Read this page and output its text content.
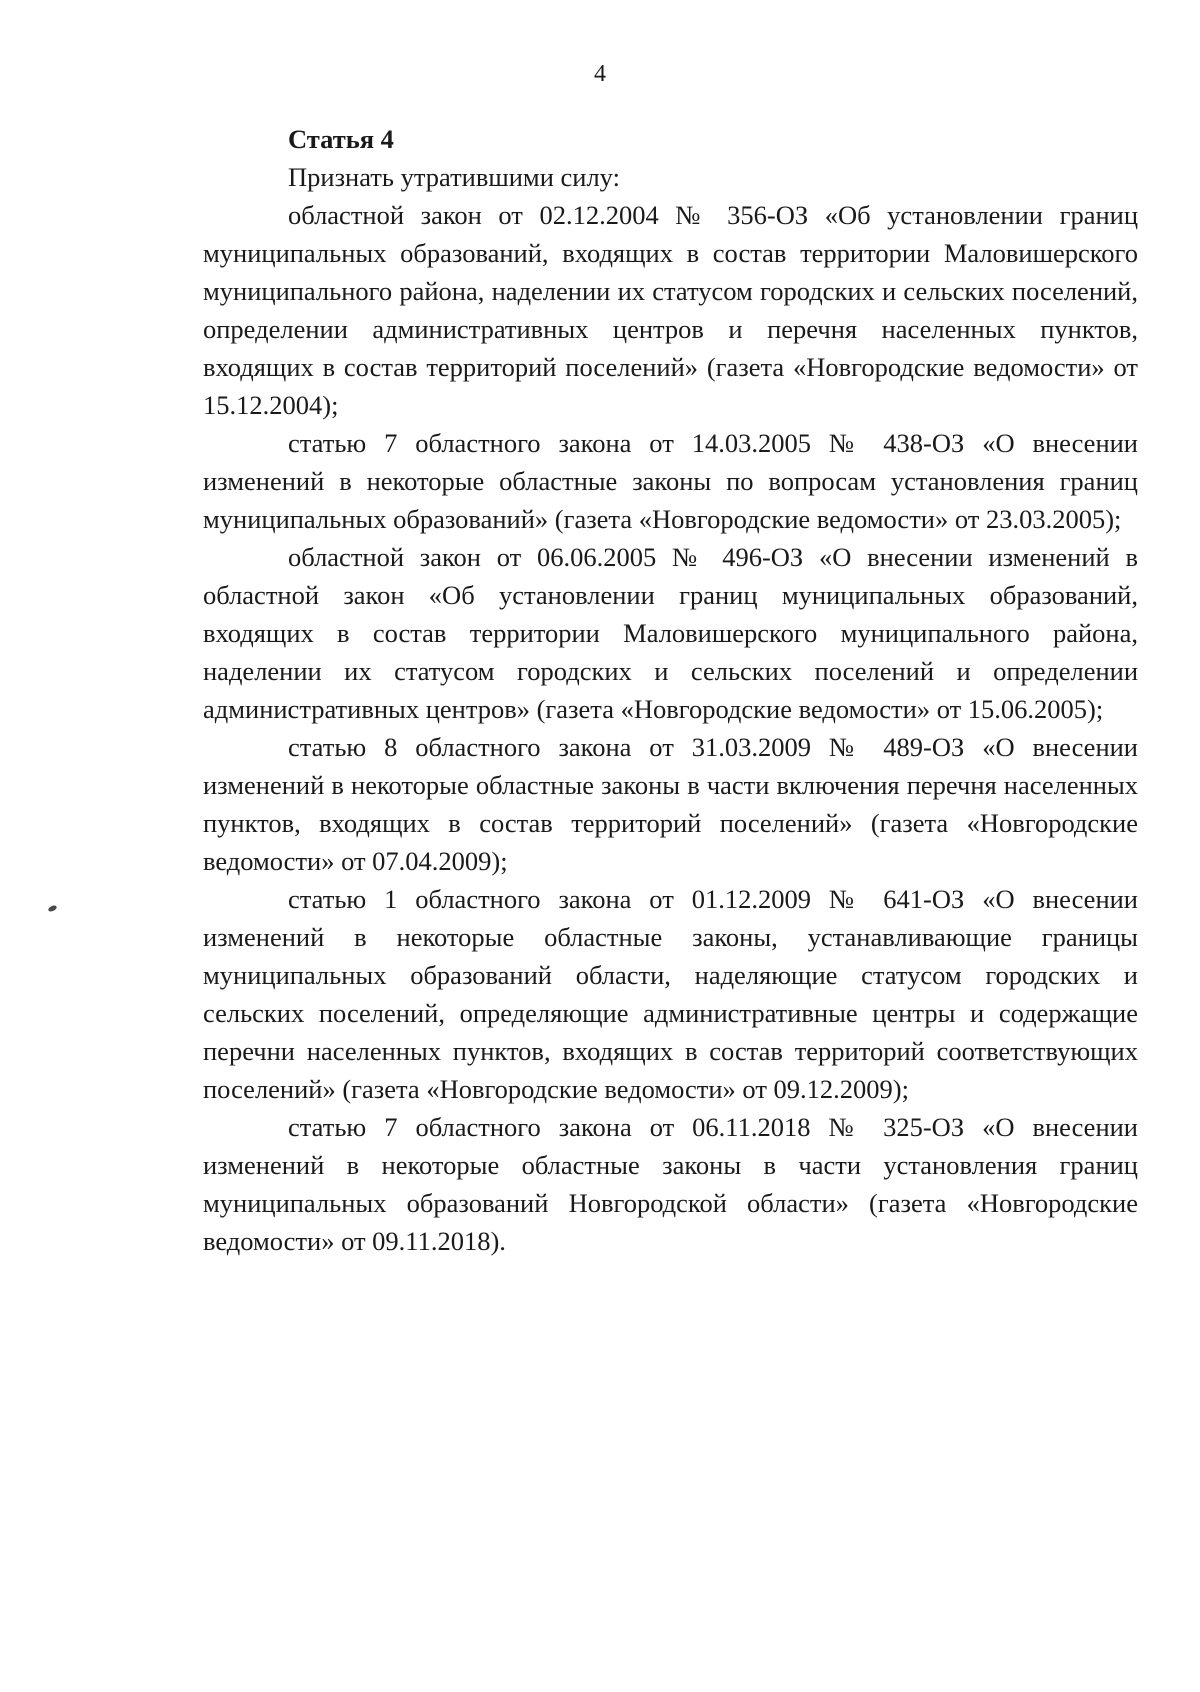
4

Статья 4

Признать утратившими силу:

областной закон от 02.12.2004 № 356-ОЗ «Об установлении границ муниципальных образований, входящих в состав территории Маловишерского муниципального района, наделении их статусом городских и сельских поселений, определении административных центров и перечня населенных пунктов, входящих в состав территорий поселений» (газета «Новгородские ведомости» от 15.12.2004);

статью 7 областного закона от 14.03.2005 № 438-ОЗ «О внесении изменений в некоторые областные законы по вопросам установления границ муниципальных образований» (газета «Новгородские ведомости» от 23.03.2005);

областной закон от 06.06.2005 № 496-ОЗ «О внесении изменений в областной закон «Об установлении границ муниципальных образований, входящих в состав территории Маловишерского муниципального района, наделении их статусом городских и сельских поселений и определении административных центров» (газета «Новгородские ведомости» от 15.06.2005);

статью 8 областного закона от 31.03.2009 № 489-ОЗ «О внесении изменений в некоторые областные законы в части включения перечня населенных пунктов, входящих в состав территорий поселений» (газета «Новгородские ведомости» от 07.04.2009);

статью 1 областного закона от 01.12.2009 № 641-ОЗ «О внесении изменений в некоторые областные законы, устанавливающие границы муниципальных образований области, наделяющие статусом городских и сельских поселений, определяющие административные центры и содержащие перечни населенных пунктов, входящих в состав территорий соответствующих поселений» (газета «Новгородские ведомости» от 09.12.2009);

статью 7 областного закона от 06.11.2018 № 325-ОЗ «О внесении изменений в некоторые областные законы в части установления границ муниципальных образований Новгородской области» (газета «Новгородские ведомости» от 09.11.2018).
